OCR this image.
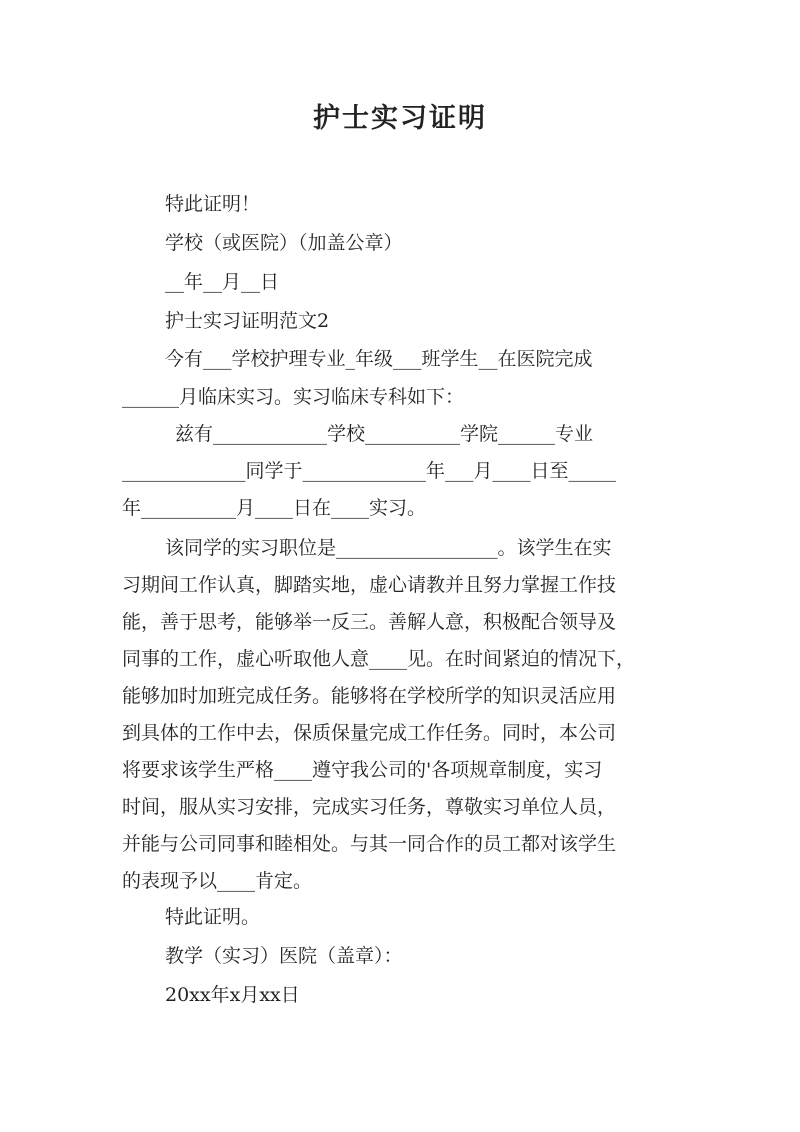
护士实习证明
特此证明！
学校（或医院）（加盖公章）
__年__月__日
护士实习证明范文2
今有___学校护理专业_年级___班学生__在医院完成
______月临床实习。实习临床专科如下：
兹有____________学校__________学院______专业
_____________同学于_____________年___月____日至_____
年__________月____日在____实习。
该同学的实习职位是_________________。该学生在实
习期间工作认真，脚踏实地，虚心请教并且努力掌握工作技
能，善于思考，能够举一反三。善解人意，积极配合领导及
同事的工作，虚心听取他人意____见。在时间紧迫的情况下，
能够加时加班完成任务。能够将在学校所学的知识灵活应用
到具体的工作中去，保质保量完成工作任务。同时，本公司
将要求该学生严格____遵守我公司的'各项规章制度，实习
时间，服从实习安排，完成实习任务，尊敬实习单位人员，
并能与公司同事和睦相处。与其一同合作的员工都对该学生
的表现予以____肯定。
特此证明。
教学（实习）医院（盖章）：
20xx年x月xx日
